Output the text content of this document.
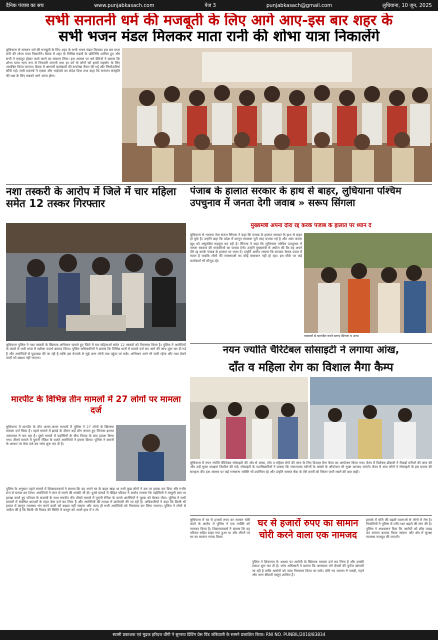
दैनिक पंजाब का सच	www.punjabkasach.com	पेज 3	punjabkasach@gmail.com	लुधियाना, 10 जून, 2025
सभी सनातनी धर्म की मजबूती के लिए आगे आए-इस बार शहर के
सभी भजन मंडल मिलकर माता रानी की शोभा यात्रा निकालेंगे
लुधियाना से सनातन धर्म की मजबूती के लिए शहर के सभी भजन मंडल मिलकर इस बार माता रानी की शोभा यात्रा निकालेंगे। बैठक में शहर के विभिन्न मंडलों के प्रतिनिधि शामिल हुए और सभी ने एकजुट होकर कार्य करने का संकल्प लिया। इस अवसर पर धर्म प्रेमियों ने बताया कि शोभा यात्रा भव्य रूप से निकाली जाएगी तथा हर वर्ग के लोगों को इसमें सहयोग के लिए आमंत्रित किया जाएगा। बैठक में आगामी कार्यक्रमों की रूपरेखा तैयार की गई और जिम्मेदारियां सौंपी गईं। सभी सदस्यों ने एकता और भाईचारे का संदेश दिया तथा कहा कि सनातन संस्कृति की रक्षा के लिए सबको आगे आना होगा।
नशा तस्करी के आरोप में जिले में चार महिला समेत 12 तस्कर गिरफ्तार
लुधियाना पुलिस ने नशा तस्करी के खिलाफ अभियान चलाते हुए जिले में चार महिलाओं समेत 12 तस्करों को गिरफ्तार किया है। पुलिस ने आरोपियों के कब्जे से भारी मात्रा में नशीला पदार्थ बरामद किया। पुलिस अधिकारियों ने बताया कि विभिन्न थानों में मामले दर्ज कर आगे की जांच शुरू कर दी गई है और आरोपियों से पूछताछ की जा रही है ताकि इस नेटवर्क से जुड़े अन्य लोगों तक पहुंचा जा सके। अभियान आगे भी जारी रहेगा और नशा बेचने वालों को बख्शा नहीं जाएगा।
मारपीट के विभिन्न तीन मामलों में 27 लोगों पर मामला दर्ज
लुधियाना में मारपीट के तीन अलग-अलग मामलों में पुलिस ने 27 लोगों के खिलाफ मामला दर्ज किया है। पहले मामले में झगड़े के दौरान कई लोग घायल हुए जिनका इलाज अस्पताल में चल रहा है। दूसरे मामले में पड़ोसियों के बीच विवाद के बाद हमला किया गया। तीसरे मामले में पुरानी रंजिश के चलते आरोपियों ने हमला किया। पुलिस ने बयानों के आधार पर केस दर्ज कर जांच शुरू कर दी है।
पुलिस के अनुसार पहले मामले में शिकायतकर्ता ने बताया कि वह अपने घर के बाहर खड़ा था तभी कुछ लोगों ने उस पर हमला कर दिया और गंभीर रूप से घायल कर दिया। आरोपियों ने जान से मारने की धमकी भी दी। दूसरे मामले में पीड़ित परिवार ने आरोप लगाया कि पड़ोसियों ने मामूली बात पर झगड़ा करते हुए परिवार के सदस्यों के साथ मारपीट की। तीसरे मामले में पुरानी रंजिश के चलते आरोपियों ने युवक को घेरकर पीटा। पुलिस ने सभी मामलों में संबंधित धाराओं के तहत केस दर्ज कर लिया है और आरोपियों की तलाश में छापेमारी की जा रही है। अधिकारियों ने कहा कि किसी भी हालत में कानून व्यवस्था भंग करने वालों को बख्शा नहीं जाएगा और जल्द ही सभी आरोपियों को गिरफ्तार कर लिया जाएगा। पुलिस ने लोगों से अपील की है कि किसी भी विवाद की स्थिति में कानून को अपने हाथ में न लें।
पंजाब के हालात सरकार के हाथ से बाहर, लुधियाना पश्चिम उपचुनाव में जनता देगी जवाब » सरूप सिंगला
मुख्यमंत्री अपना दौरा रद्द करके पंजाब के हालात पर ध्यान दें
लुधियाना से भाजपा नेता सरूप सिंगला ने कहा कि पंजाब के हालात सरकार के हाथ से बाहर हो चुके हैं। उन्होंने कहा कि प्रदेश में कानून व्यवस्था पूरी तरह चरमरा गई है और आम जनता खुद को असुरक्षित महसूस कर रही है। सिंगला ने कहा कि लुधियाना पश्चिम उपचुनाव में जनता सरकार की नाकामियों का जवाब देगी। उन्होंने मुख्यमंत्री से अपील की कि वह अपने दौरे रद्द करके पंजाब के हालात पर ध्यान दें। उन्होंने आरोप लगाया कि सरकार केवल प्रचार में व्यस्त है जबकि लोगों की समस्याओं का कोई समाधान नहीं हो रहा। इस मौके पर कई कार्यकर्ता भी मौजूद रहे।
पत्रकारों से बातचीत करते सरूप सिंगला व अन्य।
नयन ज्योति चैरिटेबल सोसाइटी ने लगाया आंख,
दाँत व महिला रोग का विशाल मैगा कैम्प
लुधियाना में नयन ज्योति चैरिटेबल सोसाइटी की ओर से आंख, दाँत व महिला रोगों की जांच के लिए विशाल मैगा कैम्प का आयोजन किया गया। कैम्प में विशेषज्ञ डॉक्टरों ने सैकड़ों मरीजों की जांच की और उन्हें मुफ्त दवाइयां वितरित की गईं। सोसाइटी के पदाधिकारियों ने बताया कि जरूरतमंद मरीजों के आंखों के ऑपरेशन भी मुफ्त करवाए जाएंगे। कैम्प में आए लोगों ने सोसाइटी के इस प्रयास की सराहना की। इस अवसर पर कई गणमान्य व्यक्ति भी उपस्थित रहे और उन्होंने समाज सेवा के ऐसे कार्यों को निरंतर जारी रखने की बात कही।
लुधियाना में घर से हजारों रुपए का सामान चोरी करने के आरोप में पुलिस ने एक व्यक्ति को नामजद किया है। शिकायतकर्ता ने बताया कि वह परिवार सहित बाहर गया हुआ था और लौटने पर घर का सामान गायब मिला।
घर से हजारों रुपए का सामान चोरी करने वाला एक नामजद
पुलिस ने शिकायत के आधार पर आरोपी के खिलाफ मामला दर्ज कर लिया है और उसकी तलाश शुरू कर दी है। जांच अधिकारी ने बताया कि आसपास लगे कैमरों की फुटेज खंगाली जा रही है ताकि आरोपी को जल्द गिरफ्तार किया जा सके। चोरी गए सामान में नकदी, गहने और अन्य कीमती वस्तुएं शामिल हैं।
इलाके में चोरी की बढ़ती घटनाओं से लोगों में रोष है। निवासियों ने पुलिस से रात्रि गश्त बढ़ाने की मांग की है। पुलिस ने आश्वासन दिया कि आरोपी को शीघ्र पकड़ कर सामान बरामद किया जाएगा और क्षेत्र में सुरक्षा व्यवस्था मजबूत की जाएगी।
स्वामी प्रकाशक एवं मुद्रक हरिदत्त धींगी ने सुनराव प्रिंटिंग प्रेस पिंड जंडियाली के सामने प्रकाशित किया। RNI NO. PUNBIL/2018/83834
